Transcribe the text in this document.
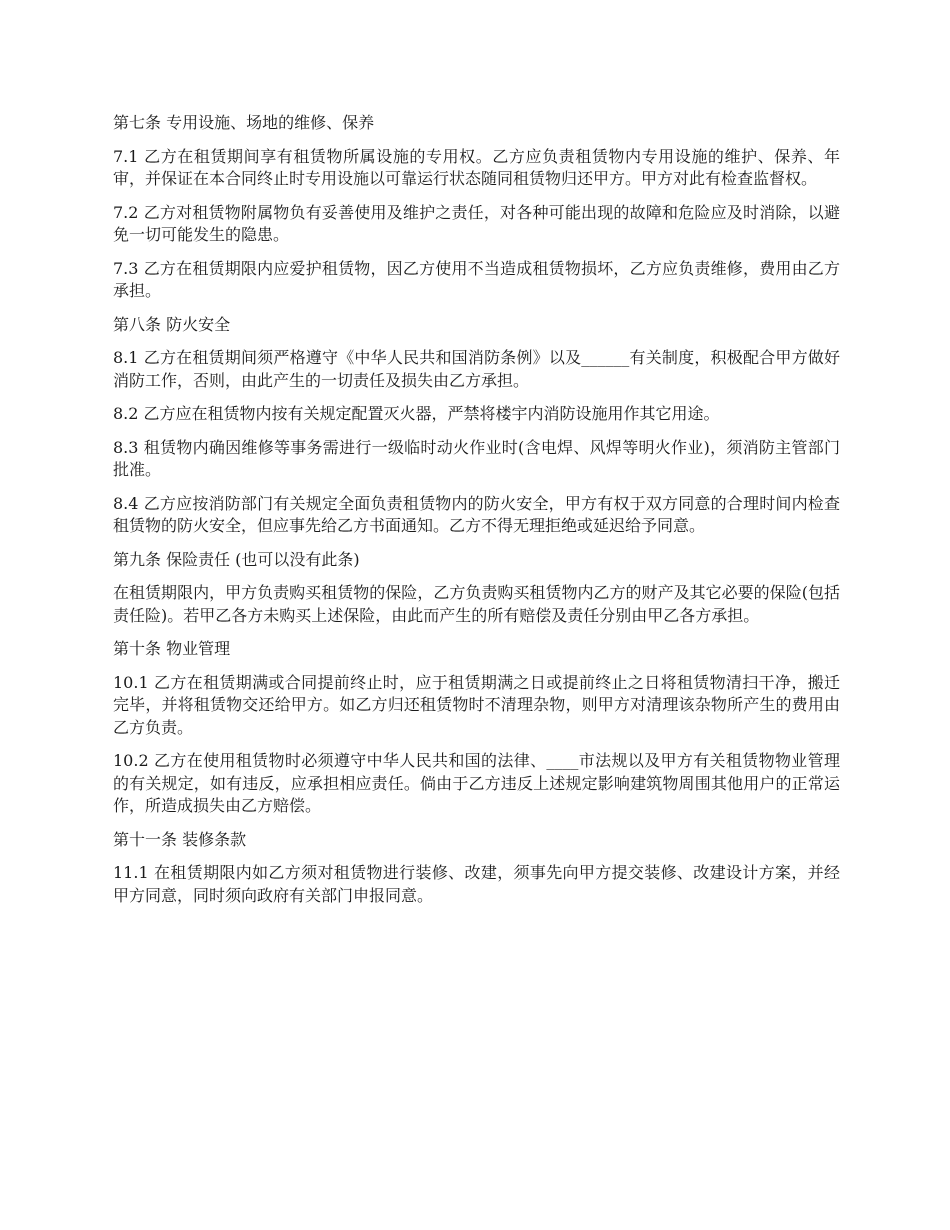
第七条 专用设施、场地的维修、保养

7.1 乙方在租赁期间享有租赁物所属设施的专用权。乙方应负责租赁物内专用设施的维护、保养、年审，并保证在本合同终止时专用设施以可靠运行状态随同租赁物归还甲方。甲方对此有检查监督权。

7.2 乙方对租赁物附属物负有妥善使用及维护之责任，对各种可能出现的故障和危险应及时消除，以避免一切可能发生的隐患。

7.3 乙方在租赁期限内应爱护租赁物，因乙方使用不当造成租赁物损坏，乙方应负责维修，费用由乙方承担。

第八条 防火安全

8.1 乙方在租赁期间须严格遵守《中华人民共和国消防条例》以及______有关制度，积极配合甲方做好消防工作，否则，由此产生的一切责任及损失由乙方承担。

8.2 乙方应在租赁物内按有关规定配置灭火器，严禁将楼宇内消防设施用作其它用途。

8.3 租赁物内确因维修等事务需进行一级临时动火作业时(含电焊、风焊等明火作业)，须消防主管部门批准。

8.4 乙方应按消防部门有关规定全面负责租赁物内的防火安全，甲方有权于双方同意的合理时间内检查租赁物的防火安全，但应事先给乙方书面通知。乙方不得无理拒绝或延迟给予同意。

第九条 保险责任 (也可以没有此条)

在租赁期限内，甲方负责购买租赁物的保险，乙方负责购买租赁物内乙方的财产及其它必要的保险(包括责任险)。若甲乙各方未购买上述保险，由此而产生的所有赔偿及责任分别由甲乙各方承担。

第十条 物业管理

10.1 乙方在租赁期满或合同提前终止时，应于租赁期满之日或提前终止之日将租赁物清扫干净，搬迁完毕，并将租赁物交还给甲方。如乙方归还租赁物时不清理杂物，则甲方对清理该杂物所产生的费用由乙方负责。

10.2 乙方在使用租赁物时必须遵守中华人民共和国的法律、____市法规以及甲方有关租赁物物业管理的有关规定，如有违反，应承担相应责任。倘由于乙方违反上述规定影响建筑物周围其他用户的正常运作，所造成损失由乙方赔偿。

第十一条 装修条款

11.1 在租赁期限内如乙方须对租赁物进行装修、改建，须事先向甲方提交装修、改建设计方案，并经甲方同意，同时须向政府有关部门申报同意。
